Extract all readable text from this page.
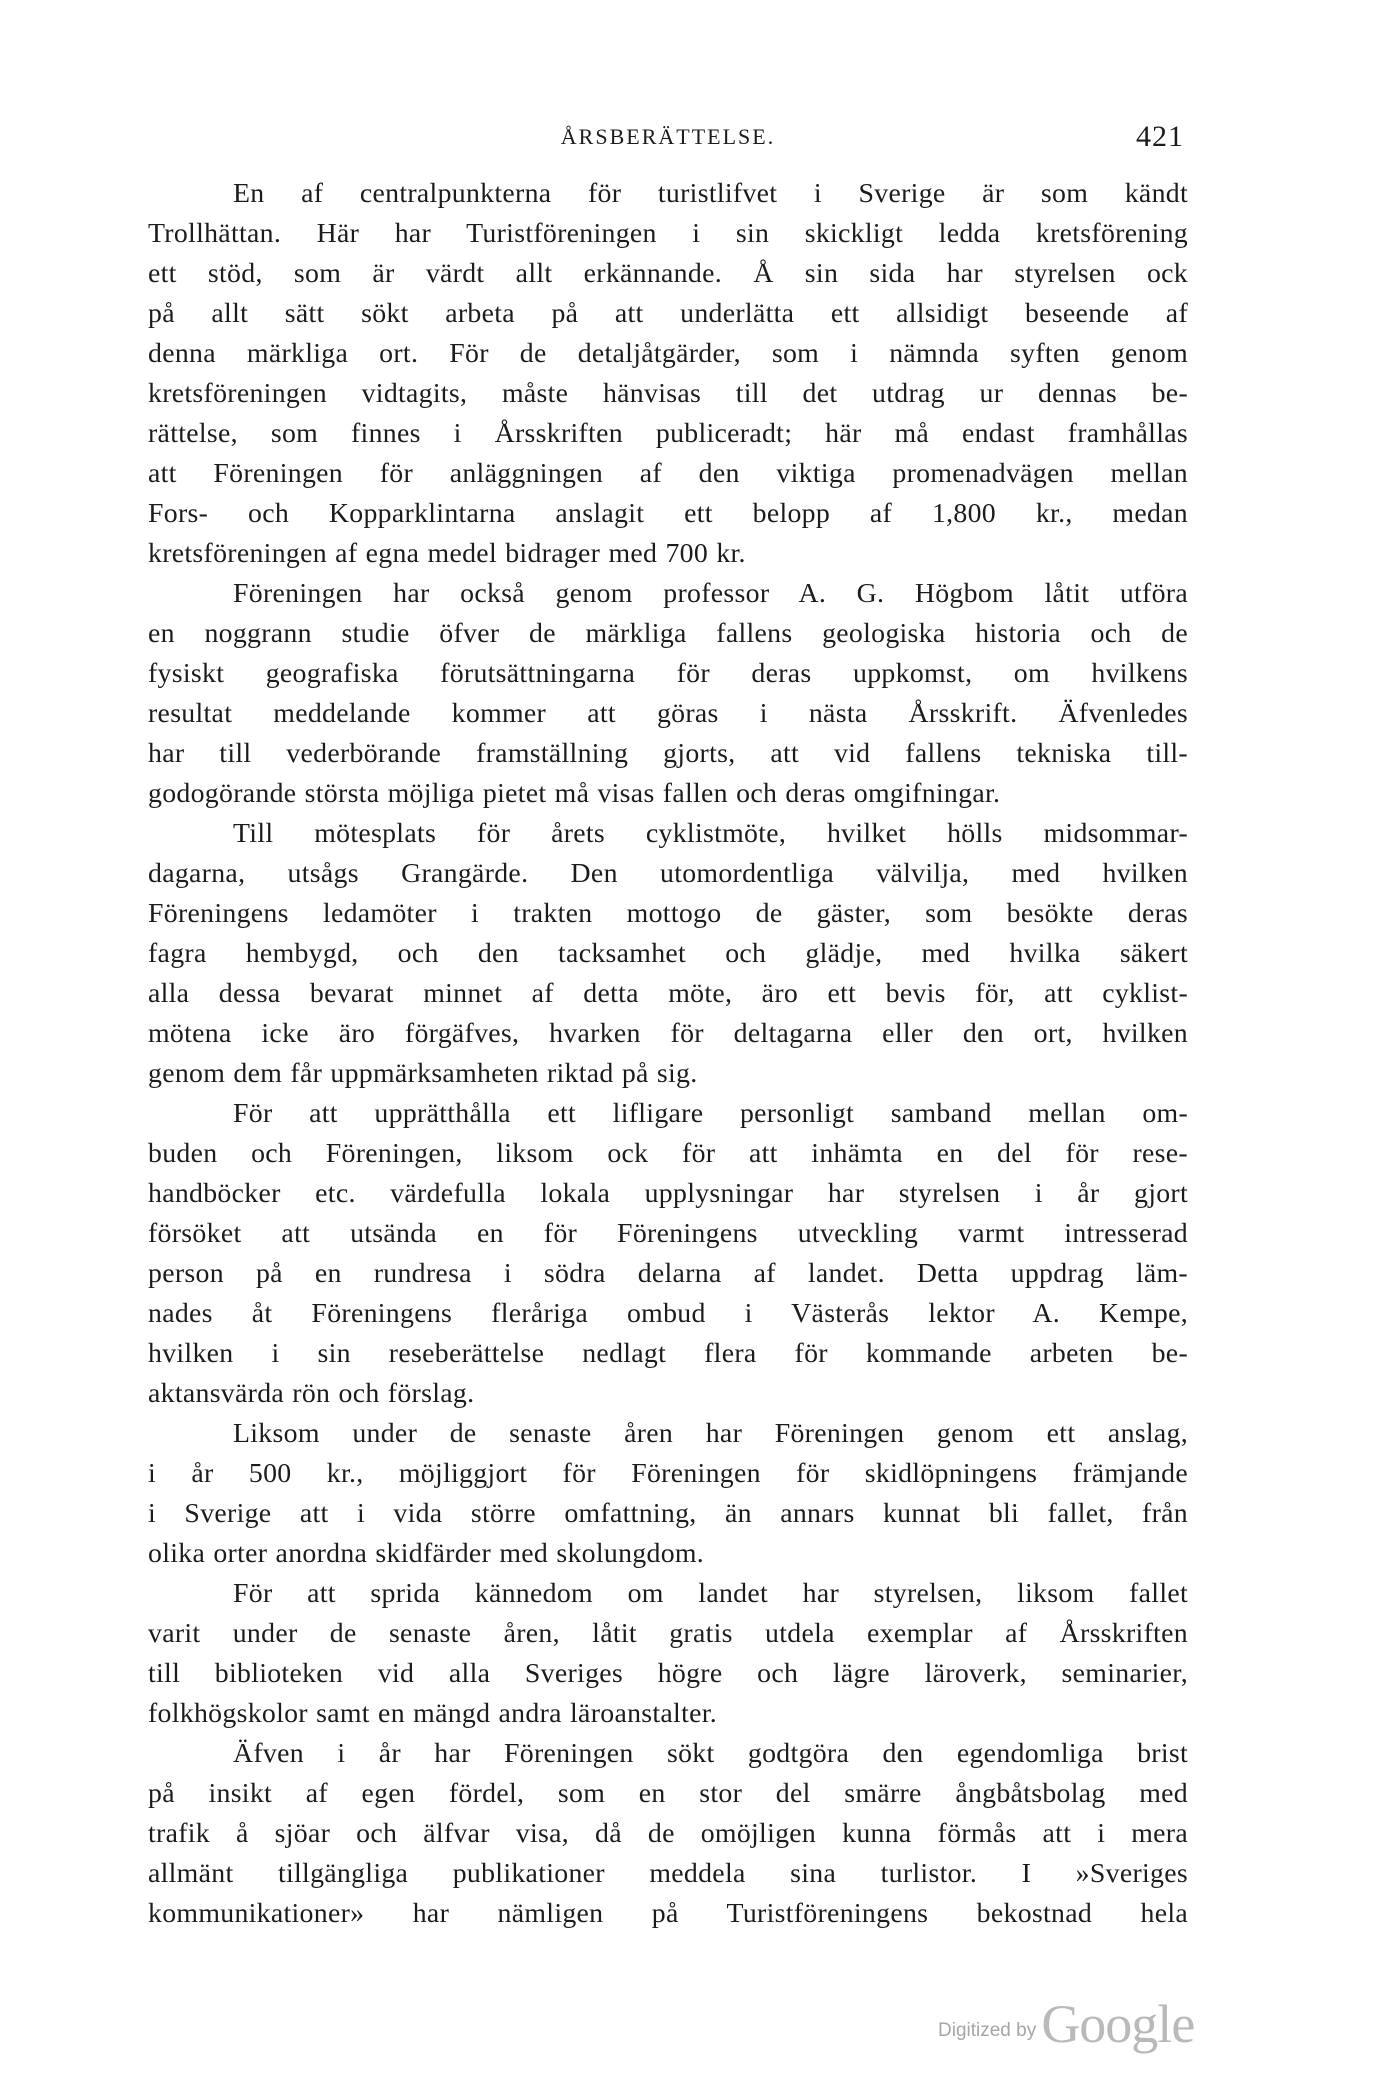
ÅRSBERÄTTELSE.	421
En af centralpunkterna för turistlifvet i Sverige är som kändt
Trollhättan. Här har Turistföreningen i sin skickligt ledda kretsförening
ett stöd, som är värdt allt erkännande. Å sin sida har styrelsen ock
på allt sätt sökt arbeta på att underlätta ett allsidigt beseende af
denna märkliga ort. För de detaljåtgärder, som i nämnda syften genom
kretsföreningen vidtagits, måste hänvisas till det utdrag ur dennas be-
rättelse, som finnes i Årsskriften publiceradt; här må endast framhållas
att Föreningen för anläggningen af den viktiga promenadvägen mellan
Fors- och Kopparklintarna anslagit ett belopp af 1,800 kr., medan
kretsföreningen af egna medel bidrager med 700 kr.
Föreningen har också genom professor A. G. Högbom låtit utföra
en noggrann studie öfver de märkliga fallens geologiska historia och de
fysiskt geografiska förutsättningarna för deras uppkomst, om hvilkens
resultat meddelande kommer att göras i nästa Årsskrift. Äfvenledes
har till vederbörande framställning gjorts, att vid fallens tekniska till-
godogörande största möjliga pietet må visas fallen och deras omgifningar.
Till mötesplats för årets cyklistmöte, hvilket hölls midsommar-
dagarna, utsågs Grangärde. Den utomordentliga välvilja, med hvilken
Föreningens ledamöter i trakten mottogo de gäster, som besökte deras
fagra hembygd, och den tacksamhet och glädje, med hvilka säkert
alla dessa bevarat minnet af detta möte, äro ett bevis för, att cyklist-
mötena icke äro förgäfves, hvarken för deltagarna eller den ort, hvilken
genom dem får uppmärksamheten riktad på sig.
För att upprätthålla ett lifligare personligt samband mellan om-
buden och Föreningen, liksom ock för att inhämta en del för rese-
handböcker etc. värdefulla lokala upplysningar har styrelsen i år gjort
försöket att utsända en för Föreningens utveckling varmt intresserad
person på en rundresa i södra delarna af landet. Detta uppdrag läm-
nades åt Föreningens fleråriga ombud i Västerås lektor A. Kempe,
hvilken i sin reseberättelse nedlagt flera för kommande arbeten be-
aktansvärda rön och förslag.
Liksom under de senaste åren har Föreningen genom ett anslag,
i år 500 kr., möjliggjort för Föreningen för skidlöpningens främjande
i Sverige att i vida större omfattning, än annars kunnat bli fallet, från
olika orter anordna skidfärder med skolungdom.
För att sprida kännedom om landet har styrelsen, liksom fallet
varit under de senaste åren, låtit gratis utdela exemplar af Årsskriften
till biblioteken vid alla Sveriges högre och lägre läroverk, seminarier,
folkhögskolor samt en mängd andra läroanstalter.
Äfven i år har Föreningen sökt godtgöra den egendomliga brist
på insikt af egen fördel, som en stor del smärre ångbåtsbolag med
trafik å sjöar och älfvar visa, då de omöjligen kunna förmås att i mera
allmänt tillgängliga publikationer meddela sina turlistor. I »Sveriges
kommunikationer» har nämligen på Turistföreningens bekostnad hela
Digitized by Google
